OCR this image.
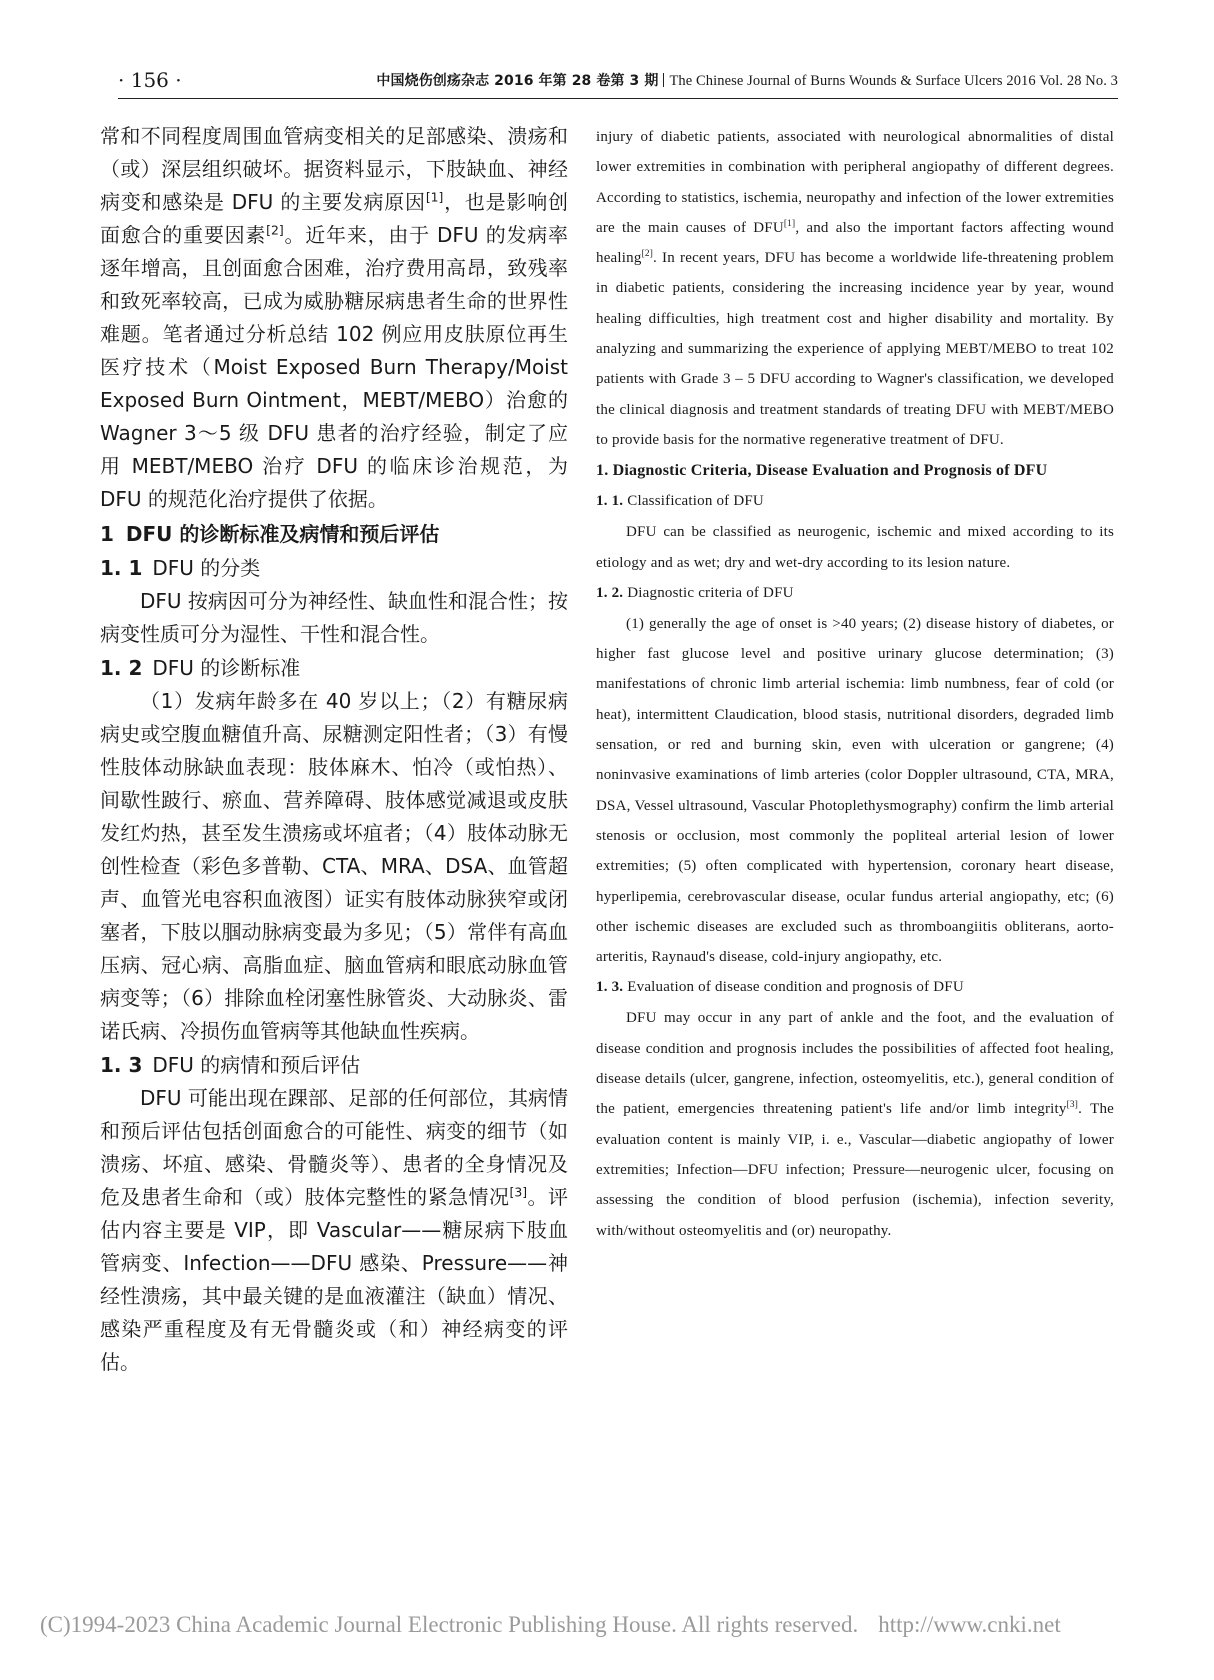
· 156 ·	中国烧伤创疡杂志 2016 年第 28 卷第 3 期 The Chinese Journal of Burns Wounds & Surface Ulcers 2016 Vol. 28 No. 3

常和不同程度周围血管病变相关的足部感染、溃疡和（或）深层组织破坏。据资料显示，下肢缺血、神经病变和感染是 DFU 的主要发病原因[1]，也是影响创面愈合的重要因素[2]。近年来，由于 DFU 的发病率逐年增高，且创面愈合困难，治疗费用高昂，致残率和致死率较高，已成为威胁糖尿病患者生命的世界性难题。笔者通过分析总结 102 例应用皮肤原位再生医疗技术（Moist Exposed Burn Therapy/Moist Exposed Burn Ointment，MEBT/MEBO）治愈的 Wagner 3～5 级 DFU 患者的治疗经验，制定了应用 MEBT/MEBO 治疗 DFU 的临床诊治规范，为 DFU 的规范化治疗提供了依据。

1 DFU 的诊断标准及病情和预后评估
1. 1 DFU 的分类

DFU 按病因可分为神经性、缺血性和混合性；按病变性质可分为湿性、干性和混合性。

1. 2 DFU 的诊断标准

（1）发病年龄多在 40 岁以上；（2）有糖尿病病史或空腹血糖值升高、尿糖测定阳性者；（3）有慢性肢体动脉缺血表现：肢体麻木、怕冷（或怕热）、间歇性跛行、瘀血、营养障碍、肢体感觉减退或皮肤发红灼热，甚至发生溃疡或坏疽者；（4）肢体动脉无创性检查（彩色多普勒、CTA、MRA、DSA、血管超声、血管光电容积血液图）证实有肢体动脉狭窄或闭塞者，下肢以腘动脉病变最为多见；（5）常伴有高血压病、冠心病、高脂血症、脑血管病和眼底动脉血管病变等；（6）排除血栓闭塞性脉管炎、大动脉炎、雷诺氏病、冷损伤血管病等其他缺血性疾病。

1. 3 DFU 的病情和预后评估

DFU 可能出现在踝部、足部的任何部位，其病情和预后评估包括创面愈合的可能性、病变的细节（如溃疡、坏疽、感染、骨髓炎等）、患者的全身情况及危及患者生命和（或）肢体完整性的紧急情况[3]。评估内容主要是 VIP，即 Vascular——糖尿病下肢血管病变、Infection——DFU 感染、Pressure——神经性溃疡，其中最关键的是血液灌注（缺血）情况、感染严重程度及有无骨髓炎或（和）神经病变的评估。

injury of diabetic patients, associated with neurological abnormalities of distal lower extremities in combination with peripheral angiopathy of different degrees. According to statistics, ischemia, neuropathy and infection of the lower extremities are the main causes of DFU[1], and also the important factors affecting wound healing[2]. In recent years, DFU has become a worldwide life-threatening problem in diabetic patients, considering the increasing incidence year by year, wound healing difficulties, high treatment cost and higher disability and mortality. By analyzing and summarizing the experience of applying MEBT/MEBO to treat 102 patients with Grade 3 – 5 DFU according to Wagner's classification, we developed the clinical diagnosis and treatment standards of treating DFU with MEBT/MEBO to provide basis for the normative regenerative treatment of DFU.

1. Diagnostic Criteria, Disease Evaluation and Prognosis of DFU
1. 1. Classification of DFU

DFU can be classified as neurogenic, ischemic and mixed according to its etiology and as wet; dry and wet-dry according to its lesion nature.

1. 2. Diagnostic criteria of DFU

(1) generally the age of onset is >40 years; (2) disease history of diabetes, or higher fast glucose level and positive urinary glucose determination; (3) manifestations of chronic limb arterial ischemia: limb numbness, fear of cold (or heat), intermittent Claudication, blood stasis, nutritional disorders, degraded limb sensation, or red and burning skin, even with ulceration or gangrene; (4) noninvasive examinations of limb arteries (color Doppler ultrasound, CTA, MRA, DSA, Vessel ultrasound, Vascular Photoplethysmography) confirm the limb arterial stenosis or occlusion, most commonly the popliteal arterial lesion of lower extremities; (5) often complicated with hypertension, coronary heart disease, hyperlipemia, cerebrovascular disease, ocular fundus arterial angiopathy, etc; (6) other ischemic diseases are excluded such as thromboangiitis obliterans, aorto-arteritis, Raynaud's disease, cold-injury angiopathy, etc.

1. 3. Evaluation of disease condition and prognosis of DFU

DFU may occur in any part of ankle and the foot, and the evaluation of disease condition and prognosis includes the possibilities of affected foot healing, disease details (ulcer, gangrene, infection, osteomyelitis, etc.), general condition of the patient, emergencies threatening patient's life and/or limb integrity[3]. The evaluation content is mainly VIP, i. e., Vascular—diabetic angiopathy of lower extremities; Infection—DFU infection; Pressure—neurogenic ulcer, focusing on assessing the condition of blood perfusion (ischemia), infection severity, with/without osteomyelitis and (or) neuropathy.

(C)1994-2023 China Academic Journal Electronic Publishing House. All rights reserved. http://www.cnki.net
